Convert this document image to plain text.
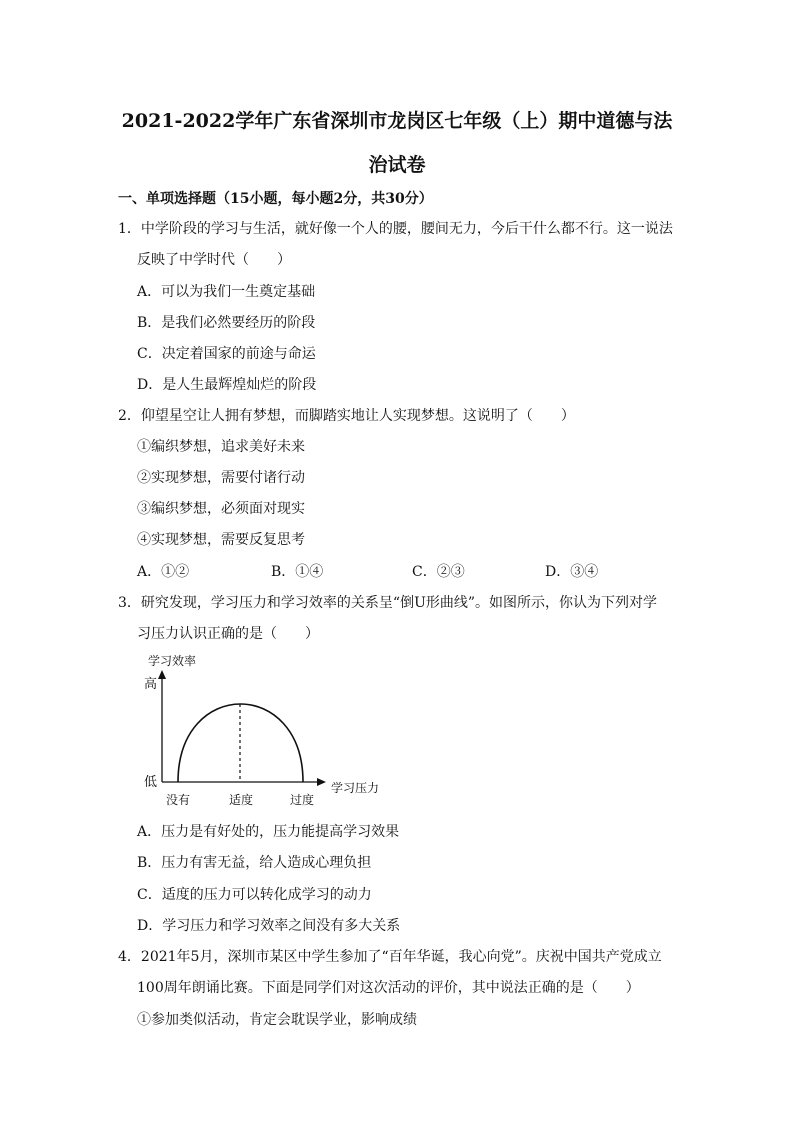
2021-2022学年广东省深圳市龙岗区七年级（上）期中道德与法
治试卷
一、单项选择题（15小题，每小题2分，共30分）
1．中学阶段的学习与生活，就好像一个人的腰，腰间无力，今后干什么都不行。这一说法
反映了中学时代（　　）
A．可以为我们一生奠定基础
B．是我们必然要经历的阶段
C．决定着国家的前途与命运
D．是人生最辉煌灿烂的阶段
2．仰望星空让人拥有梦想，而脚踏实地让人实现梦想。这说明了（　　）
①编织梦想，追求美好未来
②实现梦想，需要付诸行动
③编织梦想，必须面对现实
④实现梦想，需要反复思考
A．①②	B．①④	C．②③	D．③④
3．研究发现，学习压力和学习效率的关系呈“倒U形曲线”。如图所示，你认为下列对学
习压力认识正确的是（　　）
学习效率
高
低	学习压力
没有	适度	过度
A．压力是有好处的，压力能提高学习效果
B．压力有害无益，给人造成心理负担
C．适度的压力可以转化成学习的动力
D．学习压力和学习效率之间没有多大关系
4．2021年5月，深圳市某区中学生参加了“百年华诞，我心向党”。庆祝中国共产党成立
100周年朗诵比赛。下面是同学们对这次活动的评价，其中说法正确的是（　　）
①参加类似活动，肯定会耽误学业，影响成绩
